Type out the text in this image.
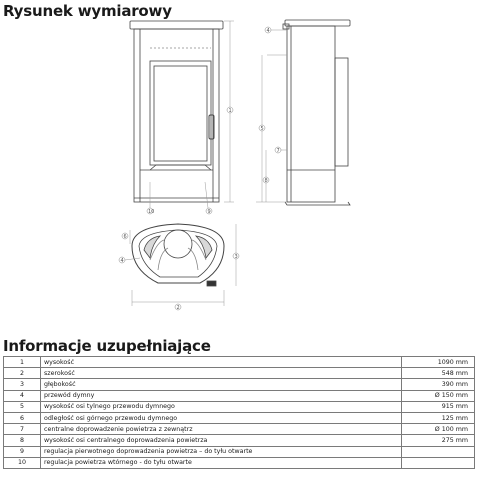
Rysunek wymiarowy
10	9
1
5
4
8
7
2
3
6
4
Informacje uzupełniające
1	wysokość	1090 mm
2	szerokość	548 mm
3	głębokość	390 mm
4	przewód dymny	Ø 150 mm
5	wysokość osi tylnego przewodu dymnego	915 mm
6	odległość osi górnego przewodu dymnego	125 mm
7	centralne doprowadzenie powietrza z zewnątrz	Ø 100 mm
8	wysokość osi centralnego doprowadzenia powietrza	275 mm
9	regulacja pierwotnego doprowadzenia powietrza – do tyłu otwarte	
10	regulacja powietrza wtórnego - do tyłu otwarte	
